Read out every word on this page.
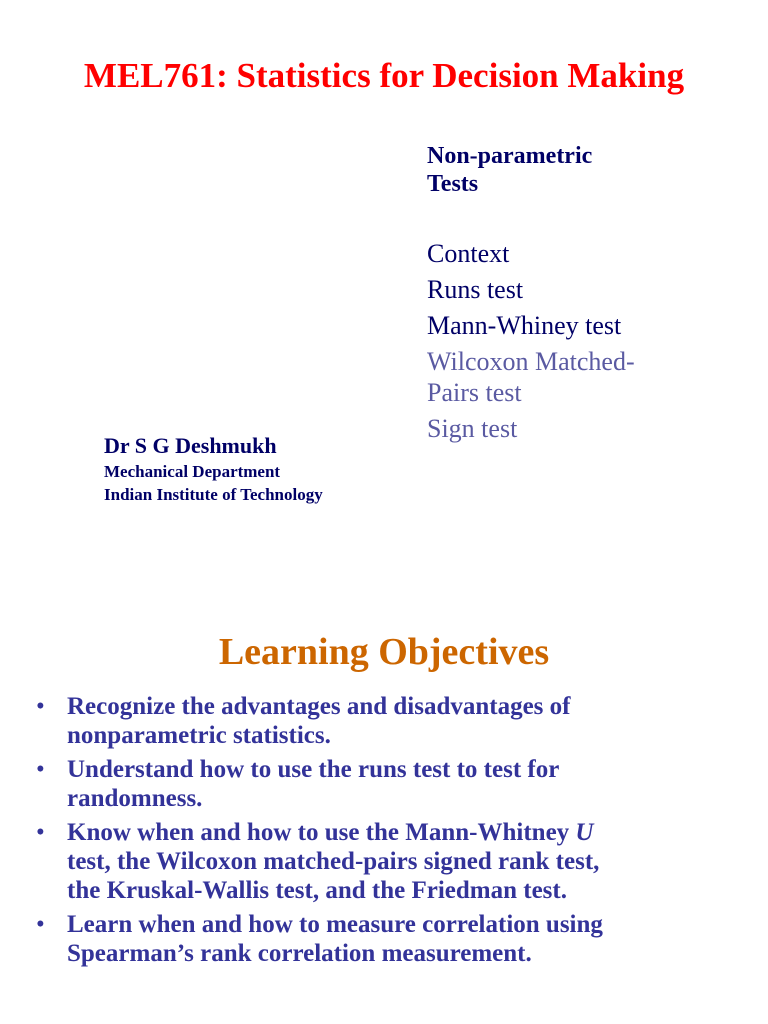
MEL761: Statistics for Decision Making
Non-parametric
Tests
Context
Runs test
Mann-Whiney test
Wilcoxon Matched-
Pairs test
Sign test
Dr S G Deshmukh
Mechanical Department
Indian Institute of Technology
Learning Objectives
• Recognize the advantages and disadvantages of
nonparametric statistics.
• Understand how to use the runs test to test for
randomness.
• Know when and how to use the Mann-Whitney U
test, the Wilcoxon matched-pairs signed rank test,
the Kruskal-Wallis test, and the Friedman test.
• Learn when and how to measure correlation using
Spearman’s rank correlation measurement.
